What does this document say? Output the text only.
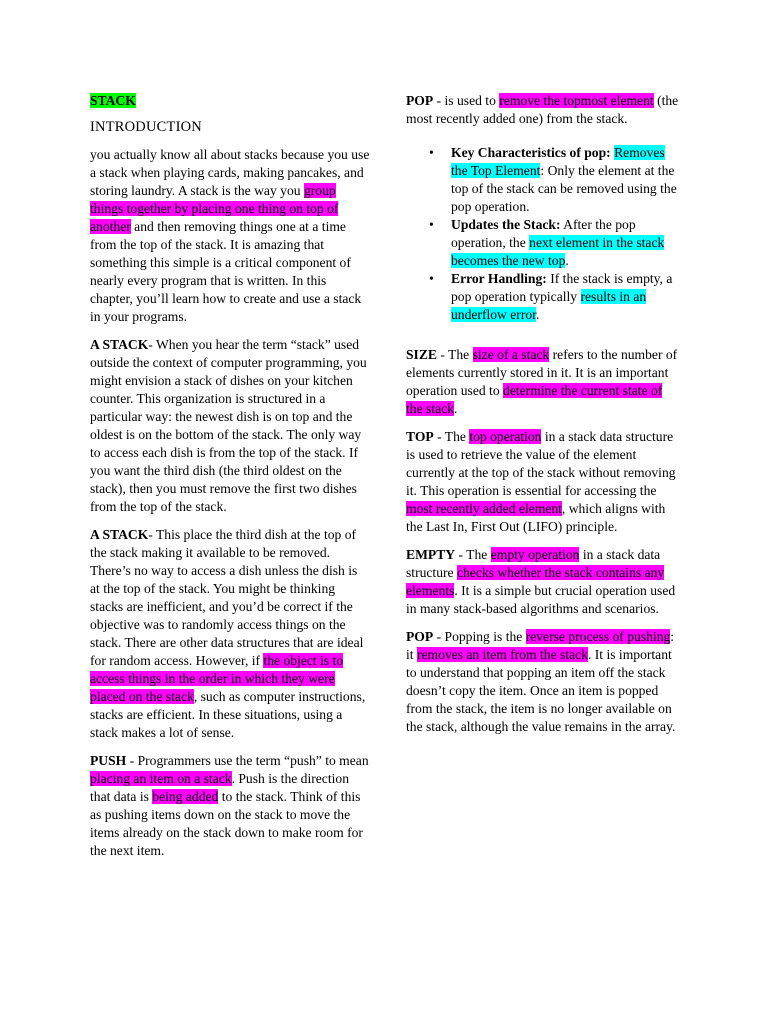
STACK

INTRODUCTION

you actually know all about stacks because you use a stack when playing cards, making pancakes, and storing laundry. A stack is the way you group things together by placing one thing on top of another and then removing things one at a time from the top of the stack. It is amazing that something this simple is a critical component of nearly every program that is written. In this chapter, you’ll learn how to create and use a stack in your programs.

A STACK- When you hear the term “stack” used outside the context of computer programming, you might envision a stack of dishes on your kitchen counter. This organization is structured in a particular way: the newest dish is on top and the oldest is on the bottom of the stack. The only way to access each dish is from the top of the stack. If you want the third dish (the third oldest on the stack), then you must remove the first two dishes from the top of the stack.

A STACK- This place the third dish at the top of the stack making it available to be removed. There’s no way to access a dish unless the dish is at the top of the stack. You might be thinking stacks are inefficient, and you’d be correct if the objective was to randomly access things on the stack. There are other data structures that are ideal for random access. However, if the object is to access things in the order in which they were placed on the stack, such as computer instructions, stacks are efficient. In these situations, using a stack makes a lot of sense.

PUSH - Programmers use the term “push” to mean placing an item on a stack. Push is the direction that data is being added to the stack. Think of this as pushing items down on the stack to move the items already on the stack down to make room for the next item.

POP - is used to remove the topmost element (the most recently added one) from the stack.

• Key Characteristics of pop: Removes the Top Element: Only the element at the top of the stack can be removed using the pop operation.
• Updates the Stack: After the pop operation, the next element in the stack becomes the new top.
• Error Handling: If the stack is empty, a pop operation typically results in an underflow error.

SIZE - The size of a stack refers to the number of elements currently stored in it. It is an important operation used to determine the current state of the stack.

TOP - The top operation in a stack data structure is used to retrieve the value of the element currently at the top of the stack without removing it. This operation is essential for accessing the most recently added element, which aligns with the Last In, First Out (LIFO) principle.

EMPTY - The empty operation in a stack data structure checks whether the stack contains any elements. It is a simple but crucial operation used in many stack-based algorithms and scenarios.

POP - Popping is the reverse process of pushing: it removes an item from the stack. It is important to understand that popping an item off the stack doesn’t copy the item. Once an item is popped from the stack, the item is no longer available on the stack, although the value remains in the array.
